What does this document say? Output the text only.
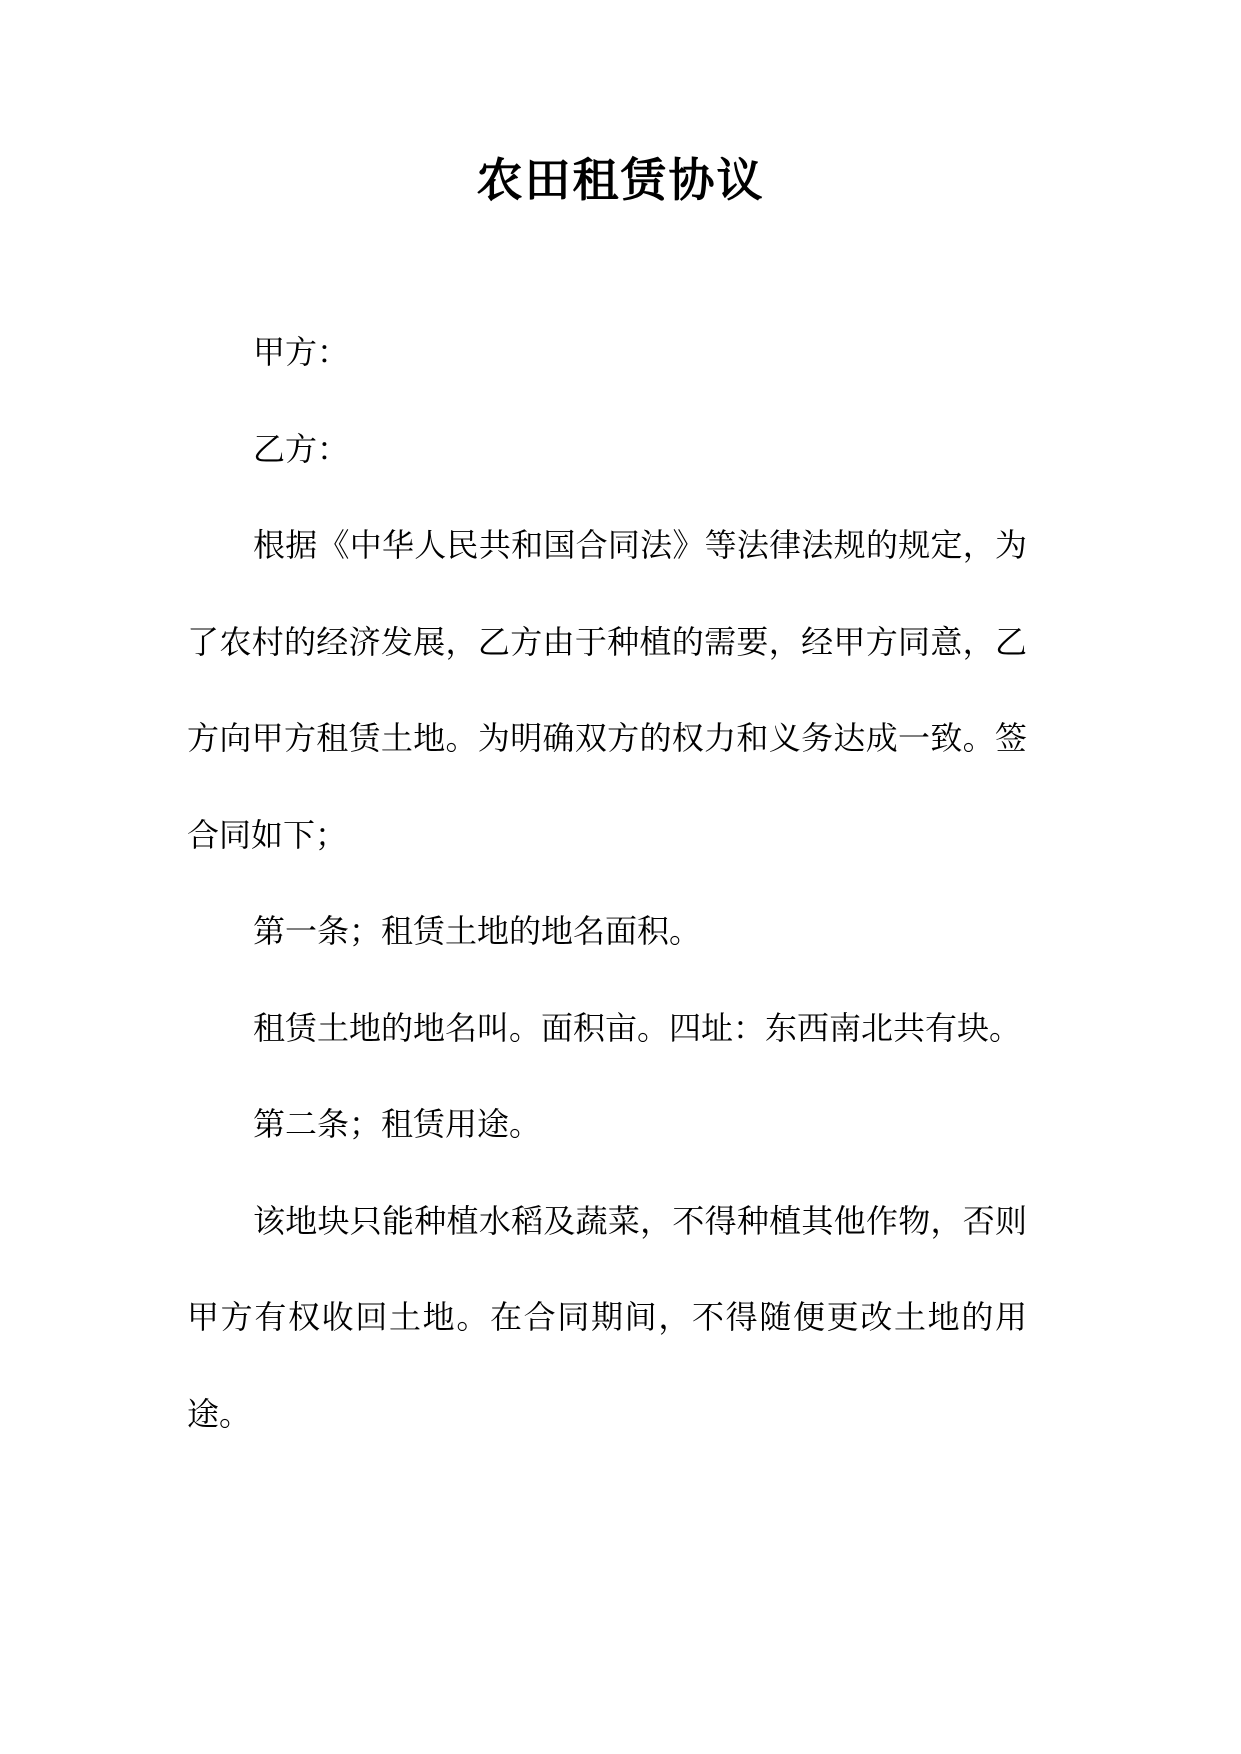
农田租赁协议

甲方：

乙方：

根据《中华人民共和国合同法》等法律法规的规定，为了农村的经济发展，乙方由于种植的需要，经甲方同意，乙方向甲方租赁土地。为明确双方的权力和义务达成一致。签合同如下；

第一条；租赁土地的地名面积。

租赁土地的地名叫。面积亩。四址：东西南北共有块。

第二条；租赁用途。

该地块只能种植水稻及蔬菜，不得种植其他作物，否则甲方有权收回土地。在合同期间，不得随便更改土地的用途。
